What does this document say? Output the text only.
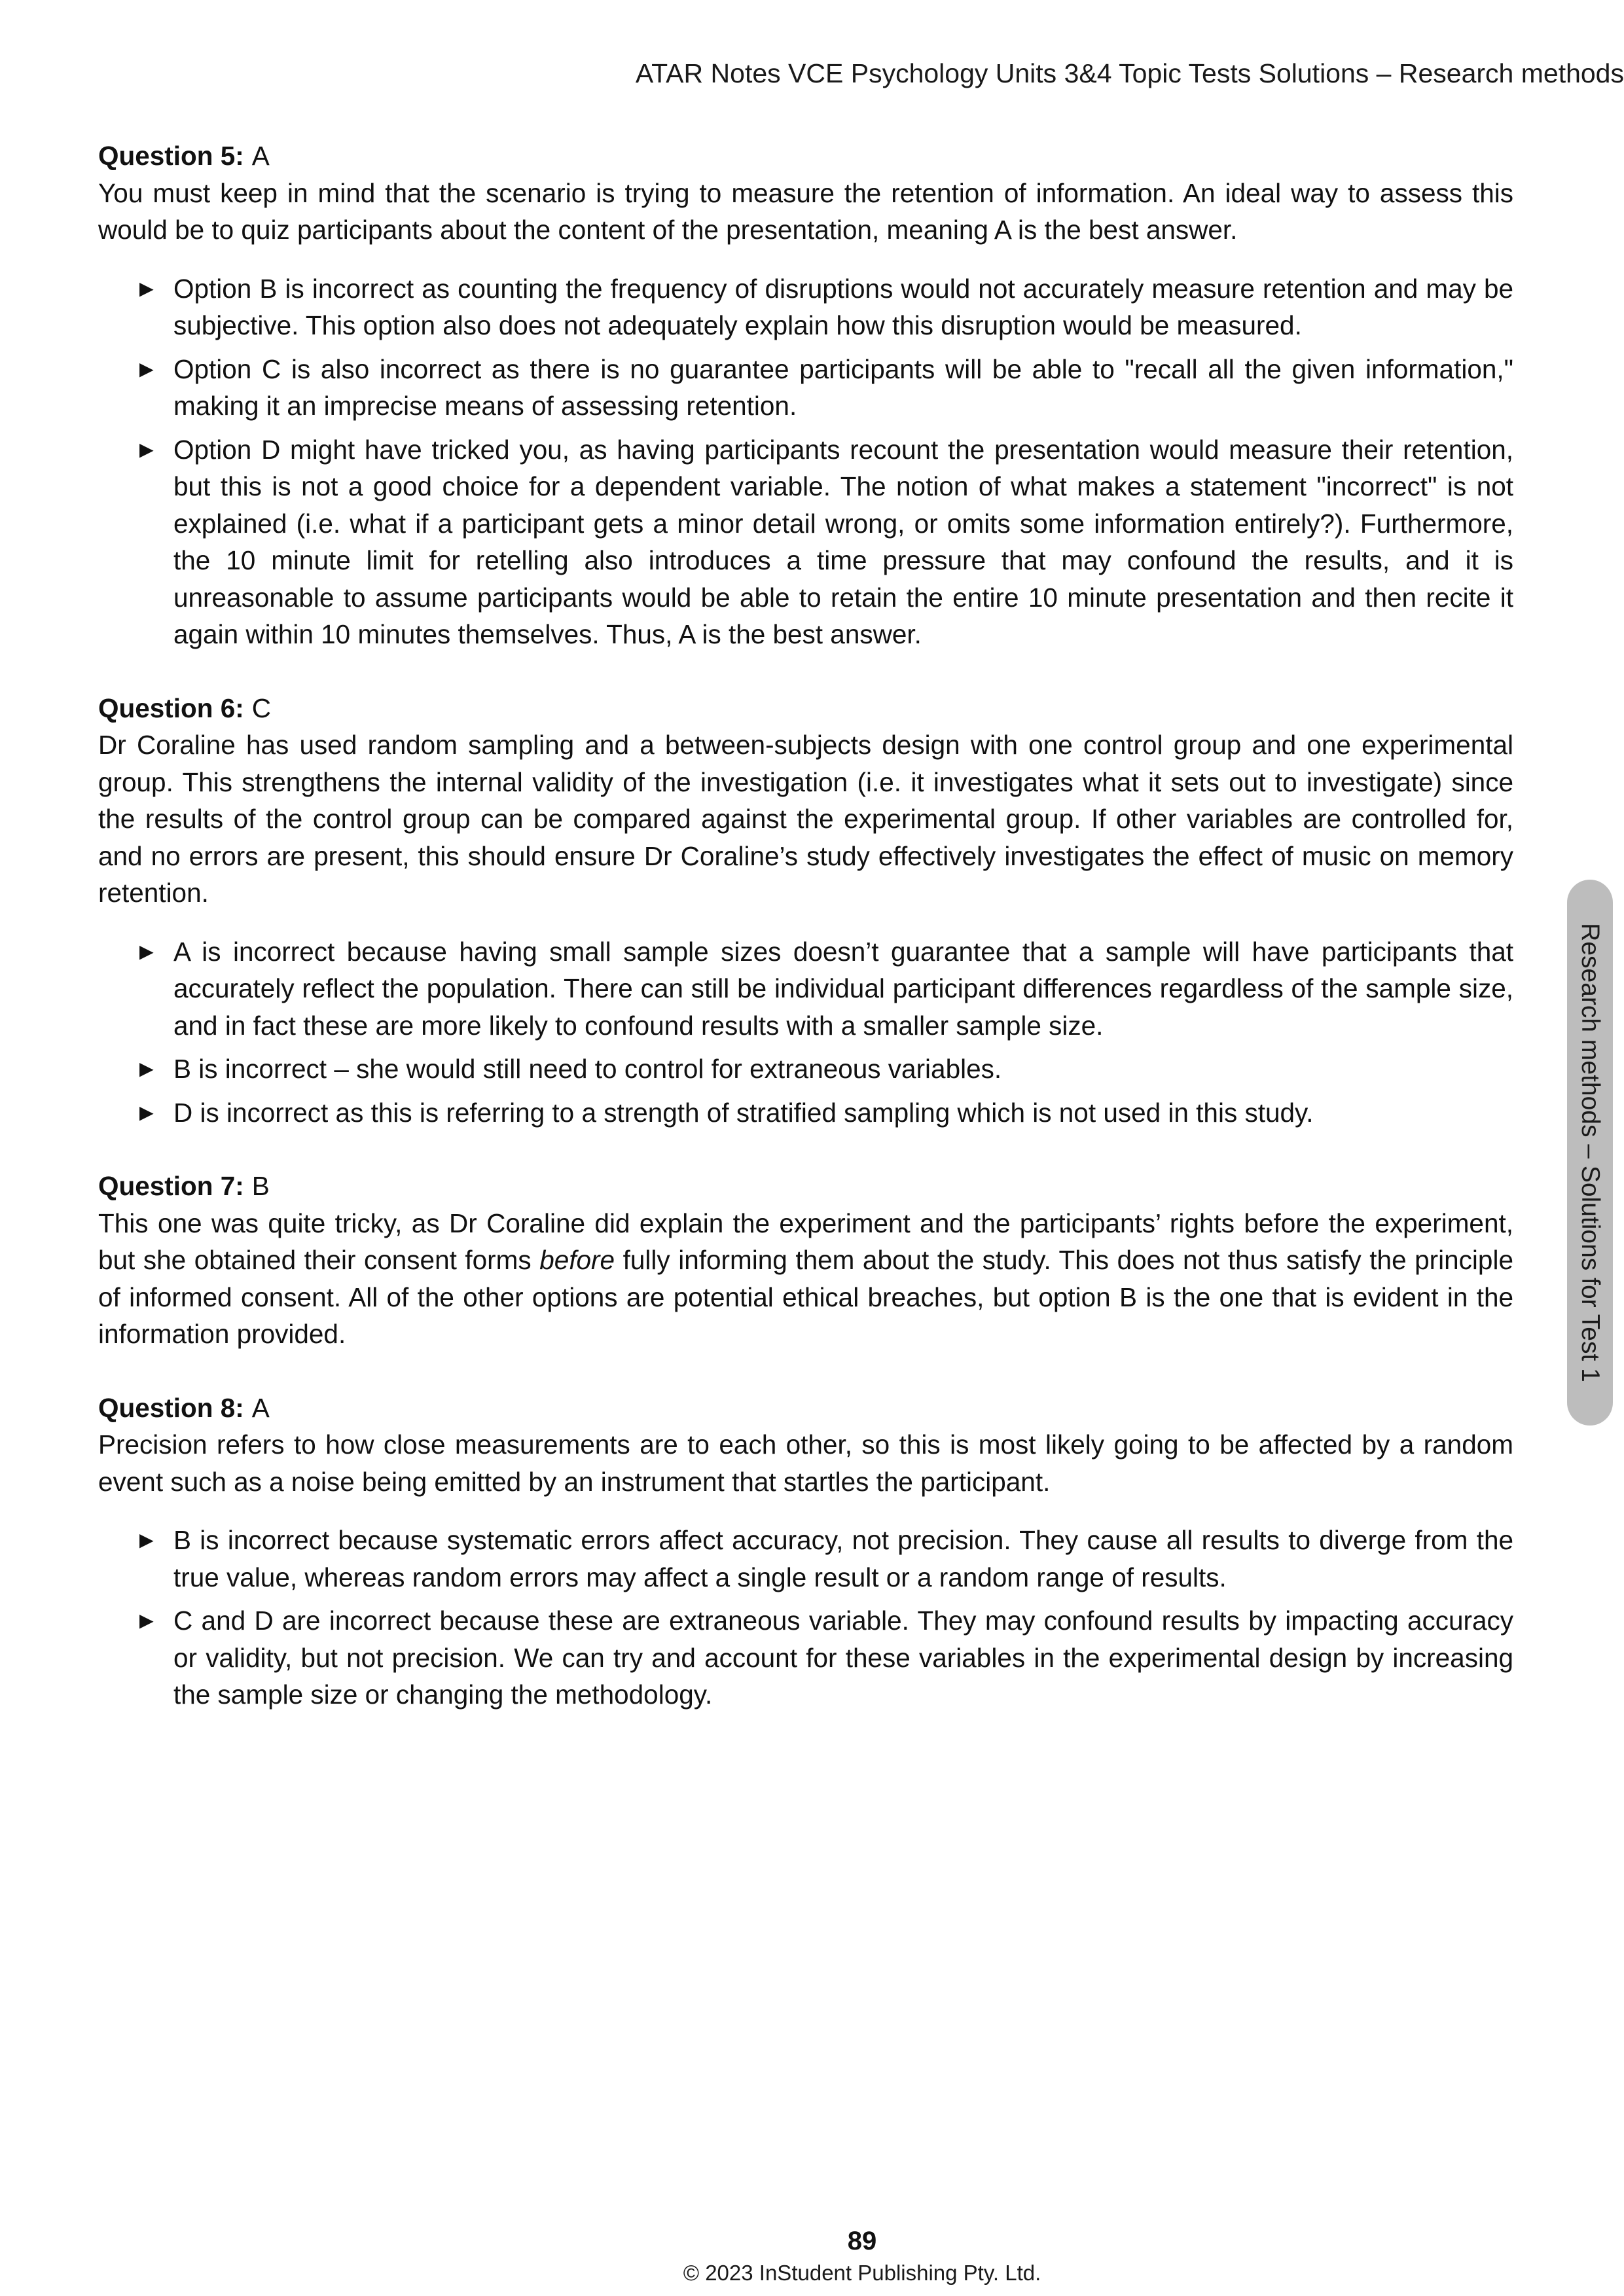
ATAR Notes VCE Psychology Units 3&4 Topic Tests Solutions – Research methods

Question 5: A

You must keep in mind that the scenario is trying to measure the retention of information. An ideal way to assess this would be to quiz participants about the content of the presentation, meaning A is the best answer.

► Option B is incorrect as counting the frequency of disruptions would not accurately measure retention and may be subjective. This option also does not adequately explain how this disruption would be measured.
► Option C is also incorrect as there is no guarantee participants will be able to "recall all the given information," making it an imprecise means of assessing retention.
► Option D might have tricked you, as having participants recount the presentation would measure their retention, but this is not a good choice for a dependent variable. The notion of what makes a statement "incorrect" is not explained (i.e. what if a participant gets a minor detail wrong, or omits some information entirely?). Furthermore, the 10 minute limit for retelling also introduces a time pressure that may confound the results, and it is unreasonable to assume participants would be able to retain the entire 10 minute presentation and then recite it again within 10 minutes themselves. Thus, A is the best answer.

Question 6: C

Dr Coraline has used random sampling and a between-subjects design with one control group and one experimental group. This strengthens the internal validity of the investigation (i.e. it investigates what it sets out to investigate) since the results of the control group can be compared against the experimental group. If other variables are controlled for, and no errors are present, this should ensure Dr Coraline’s study effectively investigates the effect of music on memory retention.

► A is incorrect because having small sample sizes doesn’t guarantee that a sample will have participants that accurately reflect the population. There can still be individual participant differences regardless of the sample size, and in fact these are more likely to confound results with a smaller sample size.
► B is incorrect – she would still need to control for extraneous variables.
► D is incorrect as this is referring to a strength of stratified sampling which is not used in this study.

Question 7: B

This one was quite tricky, as Dr Coraline did explain the experiment and the participants’ rights before the experiment, but she obtained their consent forms before fully informing them about the study. This does not thus satisfy the principle of informed consent. All of the other options are potential ethical breaches, but option B is the one that is evident in the information provided.

Question 8: A

Precision refers to how close measurements are to each other, so this is most likely going to be affected by a random event such as a noise being emitted by an instrument that startles the participant.

► B is incorrect because systematic errors affect accuracy, not precision. They cause all results to diverge from the true value, whereas random errors may affect a single result or a random range of results.
► C and D are incorrect because these are extraneous variable. They may confound results by impacting accuracy or validity, but not precision. We can try and account for these variables in the experimental design by increasing the sample size or changing the methodology.
Research methods – Solutions for Test 1
89
© 2023 InStudent Publishing Pty. Ltd.
